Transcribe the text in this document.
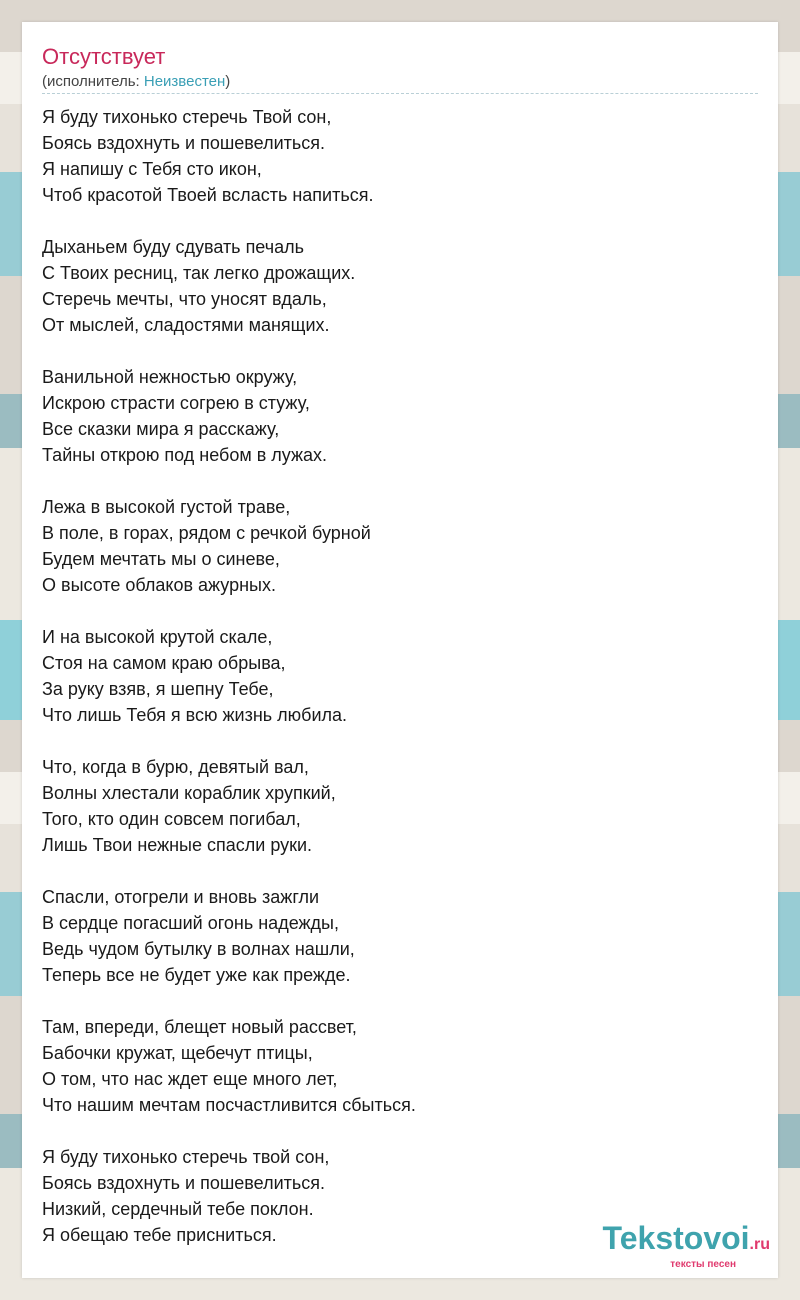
Отсутствует
(исполнитель: Неизвестен)
Я буду тихонько стеречь Твой сон,
Боясь вздохнуть и пошевелиться.
Я напишу с Тебя сто икон,
Чтоб красотой Твоей всласть напиться.
Дыханьем буду сдувать печаль
С Твоих ресниц, так легко дрожащих.
Стеречь мечты, что уносят вдаль,
От мыслей, сладостями манящих.
Ванильной нежностью окружу,
Искрою страсти согрею в стужу,
Все сказки мира я расскажу,
Тайны открою под небом в лужах.
Лежа в высокой густой траве,
В поле, в горах, рядом с речкой бурной
Будем мечтать мы о синеве,
О высоте облаков ажурных.
И на высокой крутой скале,
Стоя на самом краю обрыва,
За руку взяв, я шепну Тебе,
Что лишь Тебя я всю жизнь любила.
Что, когда в бурю, девятый вал,
Волны хлестали кораблик хрупкий,
Того, кто один совсем погибал,
Лишь Твои нежные спасли руки.
Спасли, отогрели и вновь зажгли
В сердце погасший огонь надежды,
Ведь чудом бутылку в волнах нашли,
Теперь все не будет уже как прежде.
Там, впереди, блещет новый рассвет,
Бабочки кружат, щебечут птицы,
О том, что нас ждет еще много лет,
Что нашим мечтам посчастливится сбыться.
Я буду тихонько стеречь твой сон,
Боясь вздохнуть и пошевелиться.
Низкий, сердечный тебе поклон.
Я обещаю тебе присниться.	Tekstovoi.ru
тексты песен
